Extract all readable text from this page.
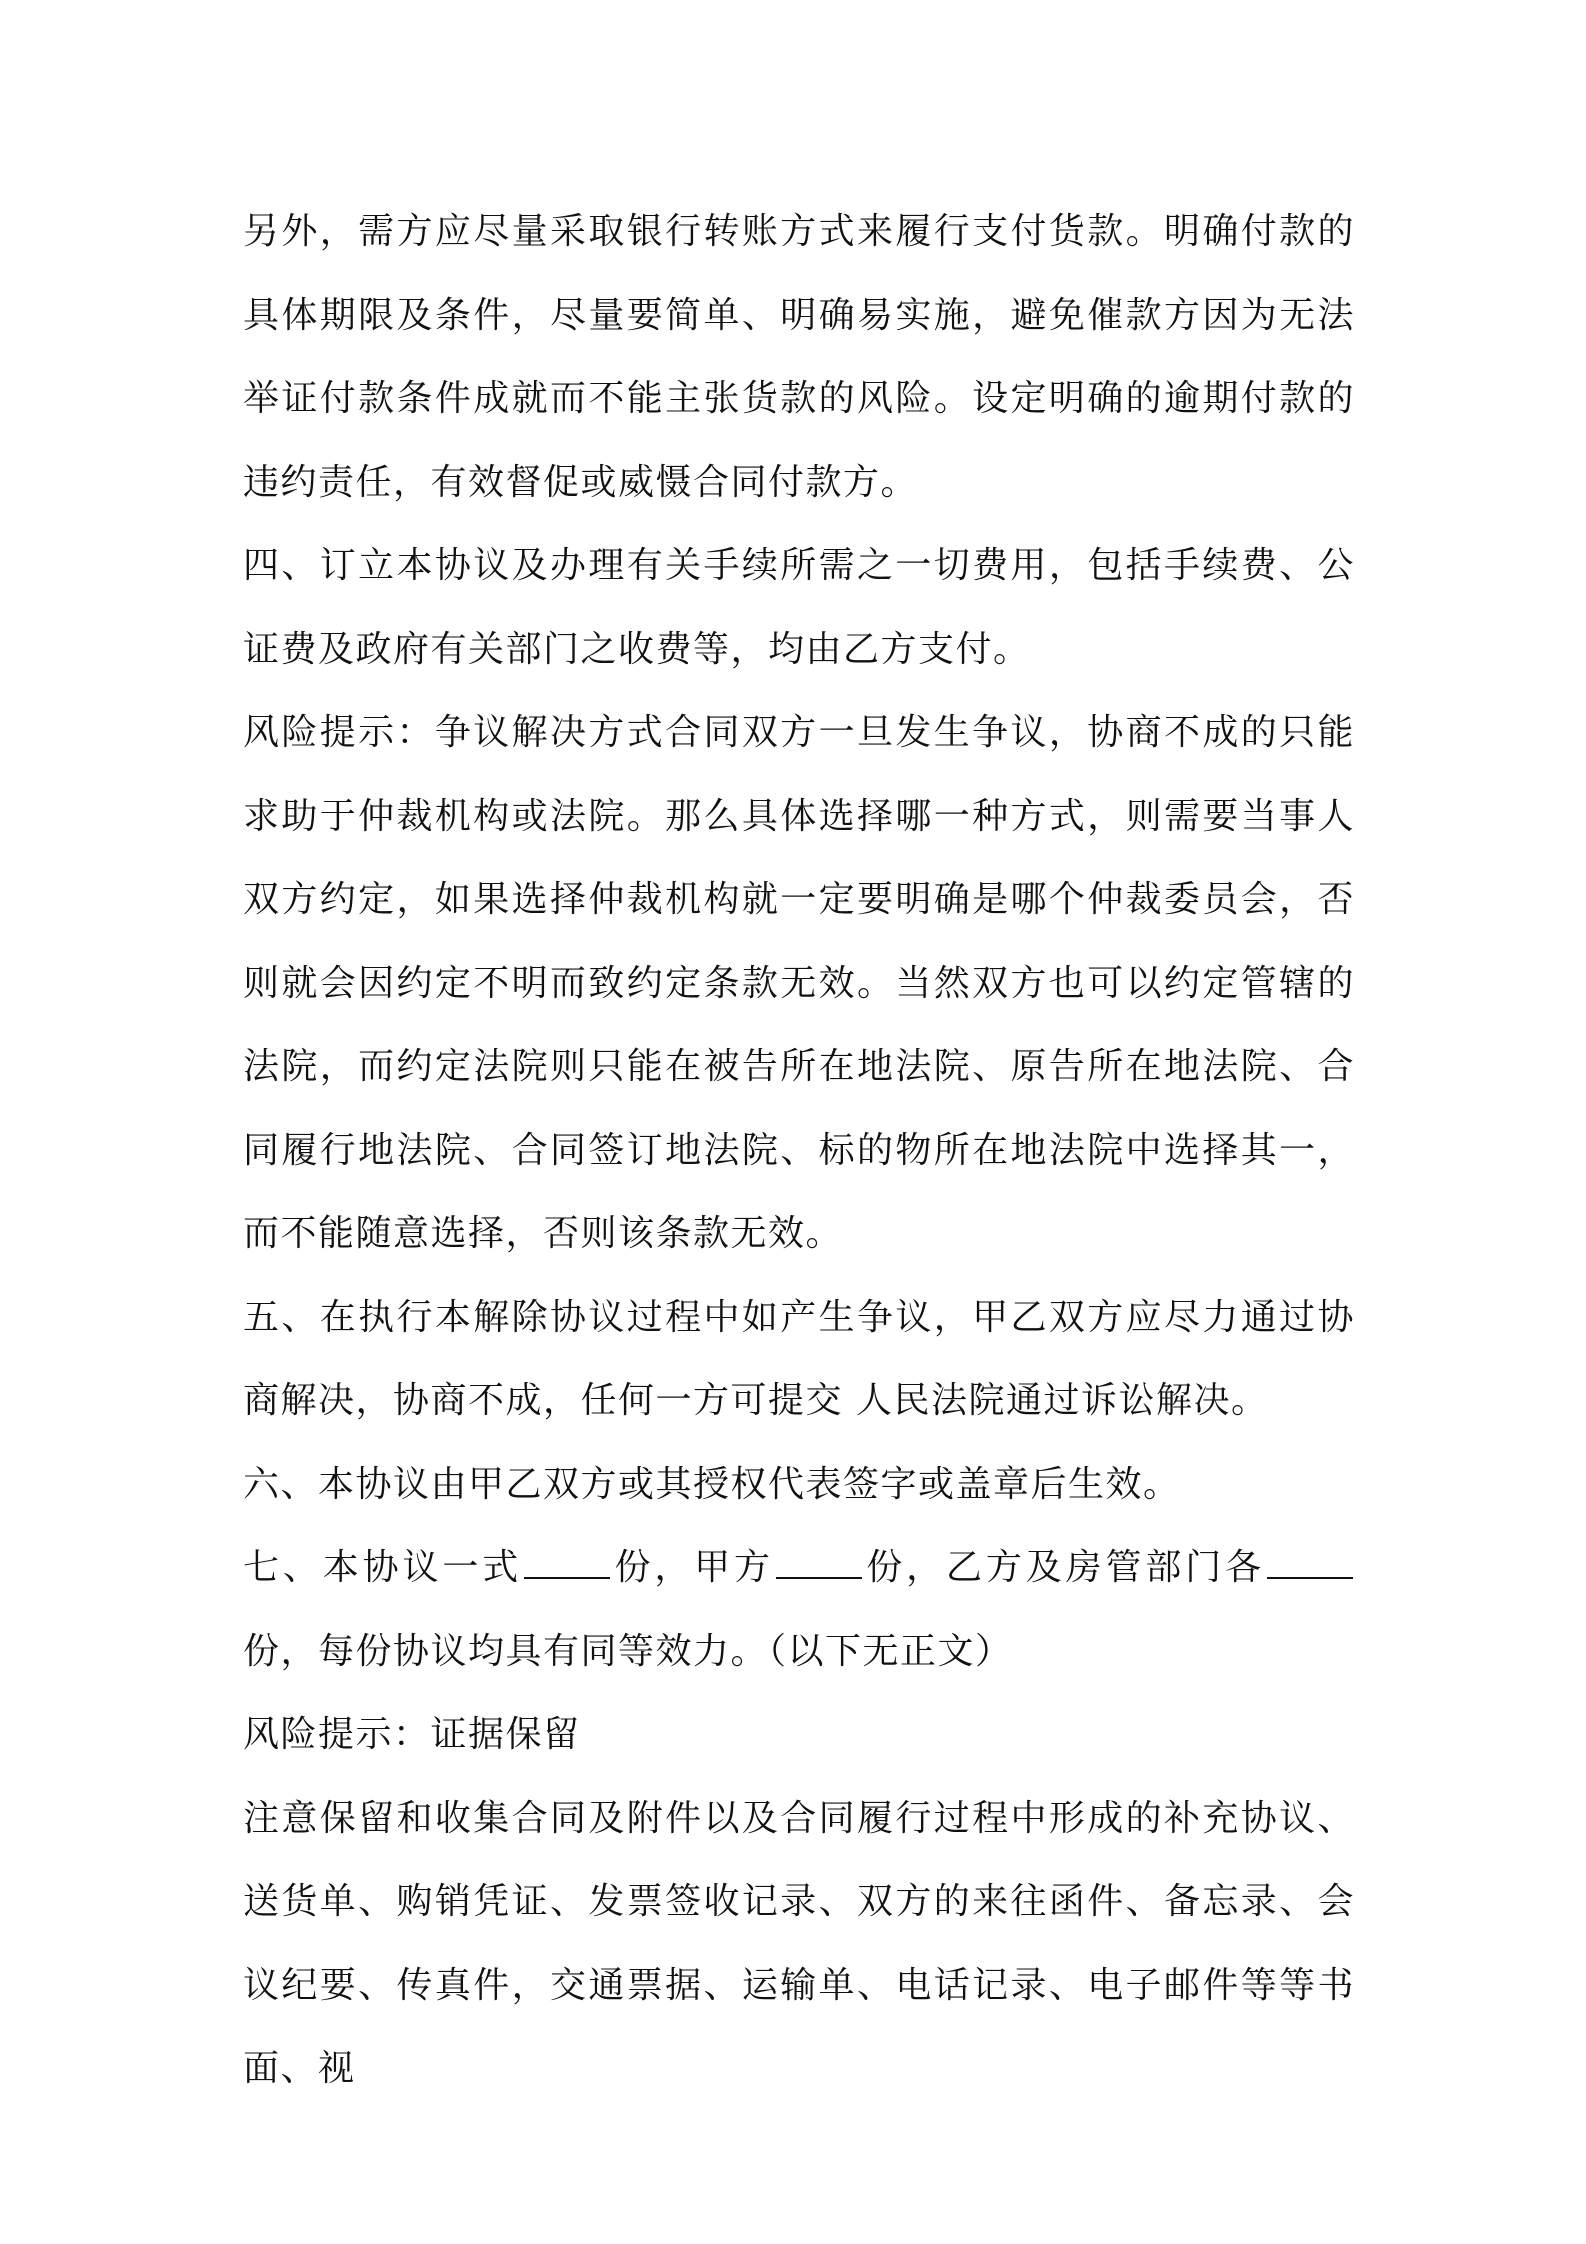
另外，需方应尽量采取银行转账方式来履行支付货款。明确付款的具体期限及条件，尽量要简单、明确易实施，避免催款方因为无法举证付款条件成就而不能主张货款的风险。设定明确的逾期付款的违约责任，有效督促或威慑合同付款方。

四、订立本协议及办理有关手续所需之一切费用，包括手续费、公证费及政府有关部门之收费等，均由乙方支付。

风险提示：争议解决方式合同双方一旦发生争议，协商不成的只能求助于仲裁机构或法院。那么具体选择哪一种方式，则需要当事人双方约定，如果选择仲裁机构就一定要明确是哪个仲裁委员会，否则就会因约定不明而致约定条款无效。当然双方也可以约定管辖的法院，而约定法院则只能在被告所在地法院、原告所在地法院、合同履行地法院、合同签订地法院、标的物所在地法院中选择其一，而不能随意选择，否则该条款无效。

五、在执行本解除协议过程中如产生争议，甲乙双方应尽力通过协商解决，协商不成，任何一方可提交 人民法院通过诉讼解决。

六、本协议由甲乙双方或其授权代表签字或盖章后生效。

七、本协议一式	份，甲方	份，乙方及房管部门各份，每份协议均具有同等效力。（以下无正文）

风险提示：证据保留

注意保留和收集合同及附件以及合同履行过程中形成的补充协议、送货单、购销凭证、发票签收记录、双方的来往函件、备忘录、会议纪要、传真件，交通票据、运输单、电话记录、电子邮件等等书面、视
